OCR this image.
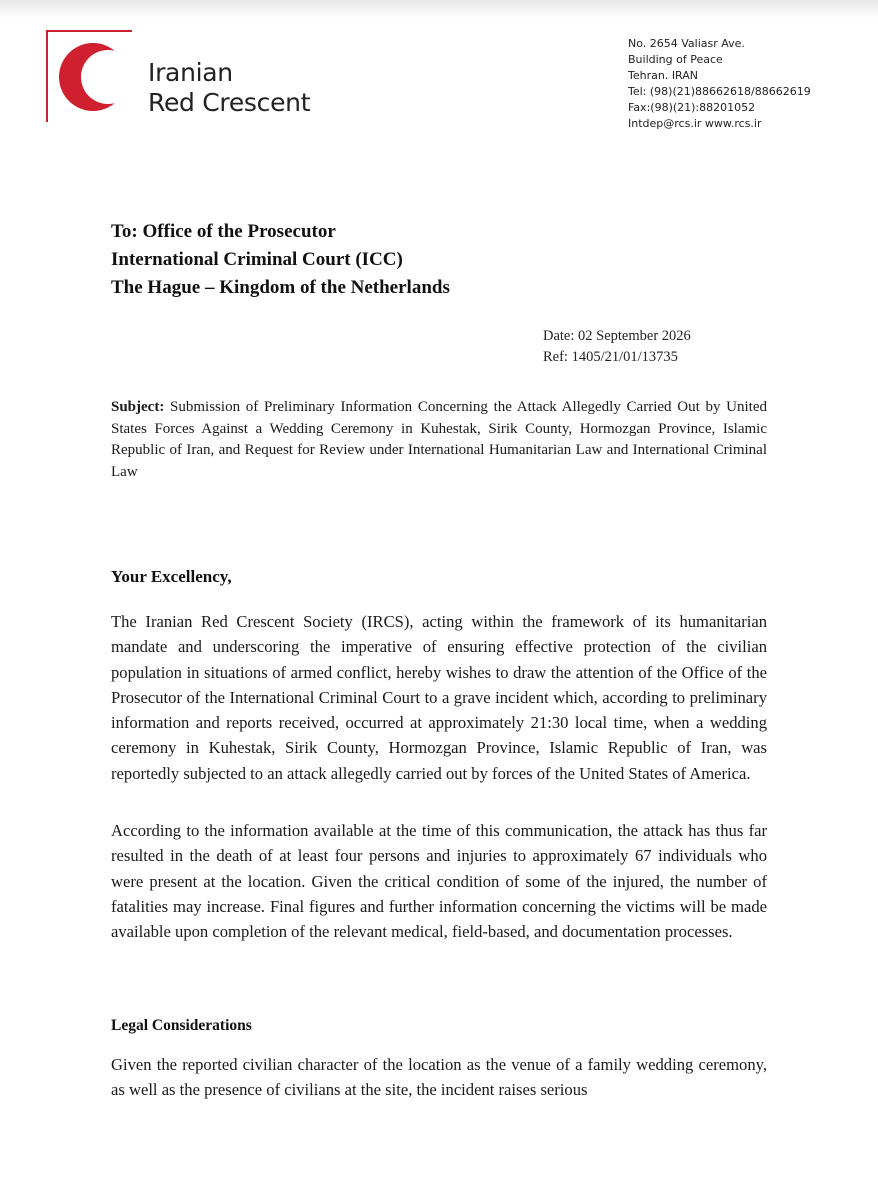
Iranian
Red Crescent
No. 2654 Valiasr Ave.
Building of Peace
Tehran. IRAN
Tel: (98)(21)88662618/88662619
Fax:(98)(21):88201052
Intdep@rcs.ir www.rcs.ir
To: Office of the Prosecutor
International Criminal Court (ICC)
The Hague – Kingdom of the Netherlands
Date: 02 September 2026
Ref: 1405/21/01/13735
Subject: Submission of Preliminary Information Concerning the Attack Allegedly Carried Out by United States Forces Against a Wedding Ceremony in Kuhestak, Sirik County, Hormozgan Province, Islamic Republic of Iran, and Request for Review under International Humanitarian Law and International Criminal Law
Your Excellency,
The Iranian Red Crescent Society (IRCS), acting within the framework of its humanitarian mandate and underscoring the imperative of ensuring effective protection of the civilian population in situations of armed conflict, hereby wishes to draw the attention of the Office of the Prosecutor of the International Criminal Court to a grave incident which, according to preliminary information and reports received, occurred at approximately 21:30 local time, when a wedding ceremony in Kuhestak, Sirik County, Hormozgan Province, Islamic Republic of Iran, was reportedly subjected to an attack allegedly carried out by forces of the United States of America.
According to the information available at the time of this communication, the attack has thus far resulted in the death of at least four persons and injuries to approximately 67 individuals who were present at the location. Given the critical condition of some of the injured, the number of fatalities may increase. Final figures and further information concerning the victims will be made available upon completion of the relevant medical, field-based, and documentation processes.
Legal Considerations
Given the reported civilian character of the location as the venue of a family wedding ceremony, as well as the presence of civilians at the site, the incident raises serious
